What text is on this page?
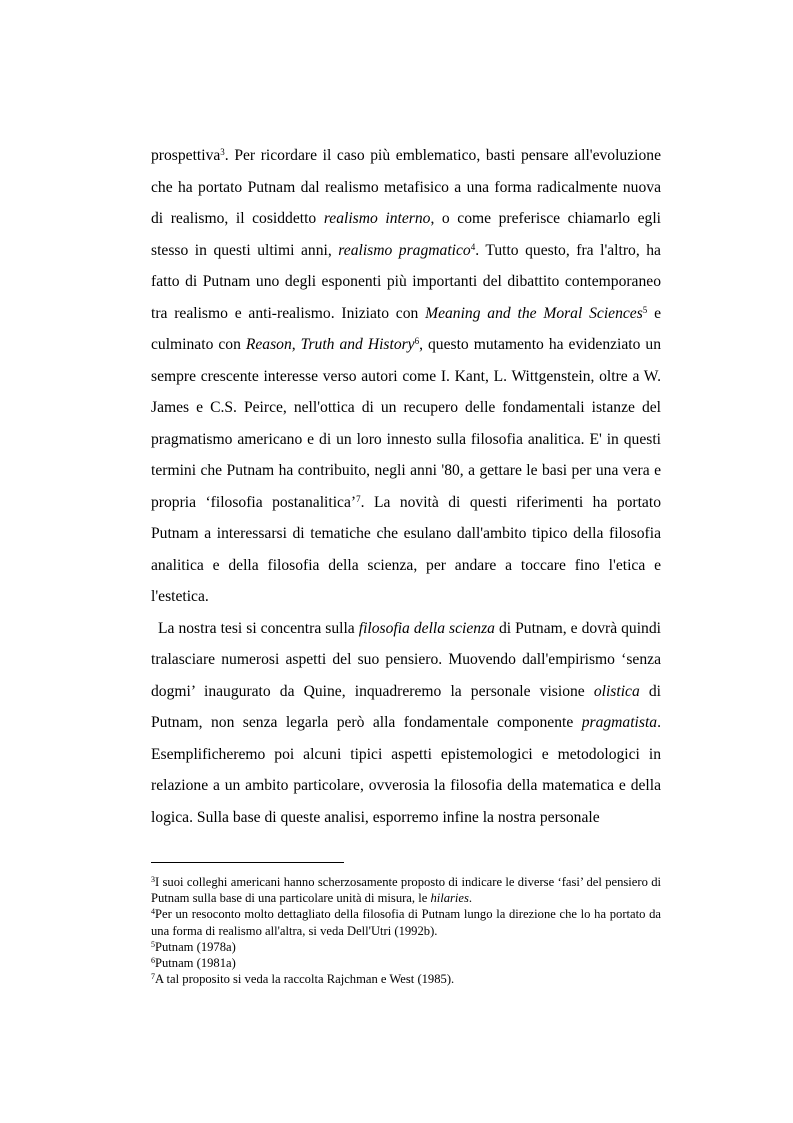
prospettiva$^3$. Per ricordare il caso più emblematico, basti pensare all'evoluzione che ha portato Putnam dal realismo metafisico a una forma radicalmente nuova di realismo, il cosiddetto realismo interno, o come preferisce chiamarlo egli stesso in questi ultimi anni, realismo pragmatico$^4$. Tutto questo, fra l'altro, ha fatto di Putnam uno degli esponenti più importanti del dibattito contemporaneo tra realismo e anti-realismo. Iniziato con Meaning and the Moral Sciences$^5$ e culminato con Reason, Truth and History$^6$, questo mutamento ha evidenziato un sempre crescente interesse verso autori come I. Kant, L. Wittgenstein, oltre a W. James e C.S. Peirce, nell'ottica di un recupero delle fondamentali istanze del pragmatismo americano e di un loro innesto sulla filosofia analitica. E' in questi termini che Putnam ha contribuito, negli anni '80, a gettare le basi per una vera e propria ‘filosofia postanalitica’$^7$. La novità di questi riferimenti ha portato Putnam a interessarsi di tematiche che esulano dall'ambito tipico della filosofia analitica e della filosofia della scienza, per andare a toccare fino l'etica e l'estetica.

La nostra tesi si concentra sulla filosofia della scienza di Putnam, e dovrà quindi tralasciare numerosi aspetti del suo pensiero. Muovendo dall'empirismo ‘senza dogmi’ inaugurato da Quine, inquadreremo la personale visione olistica di Putnam, non senza legarla però alla fondamentale componente pragmatista. Esemplificheremo poi alcuni tipici aspetti epistemologici e metodologici in relazione a un ambito particolare, ovverosia la filosofia della matematica e della logica. Sulla base di queste analisi, esporremo infine la nostra personale

$^3$I suoi colleghi americani hanno scherzosamente proposto di indicare le diverse ‘fasi’ del pensiero di Putnam sulla base di una particolare unità di misura, le hilaries.

$^4$Per un resoconto molto dettagliato della filosofia di Putnam lungo la direzione che lo ha portato da una forma di realismo all'altra, si veda Dell'Utri (1992b).

$^5$Putnam (1978a)

$^6$Putnam (1981a)

$^7$A tal proposito si veda la raccolta Rajchman e West (1985).
